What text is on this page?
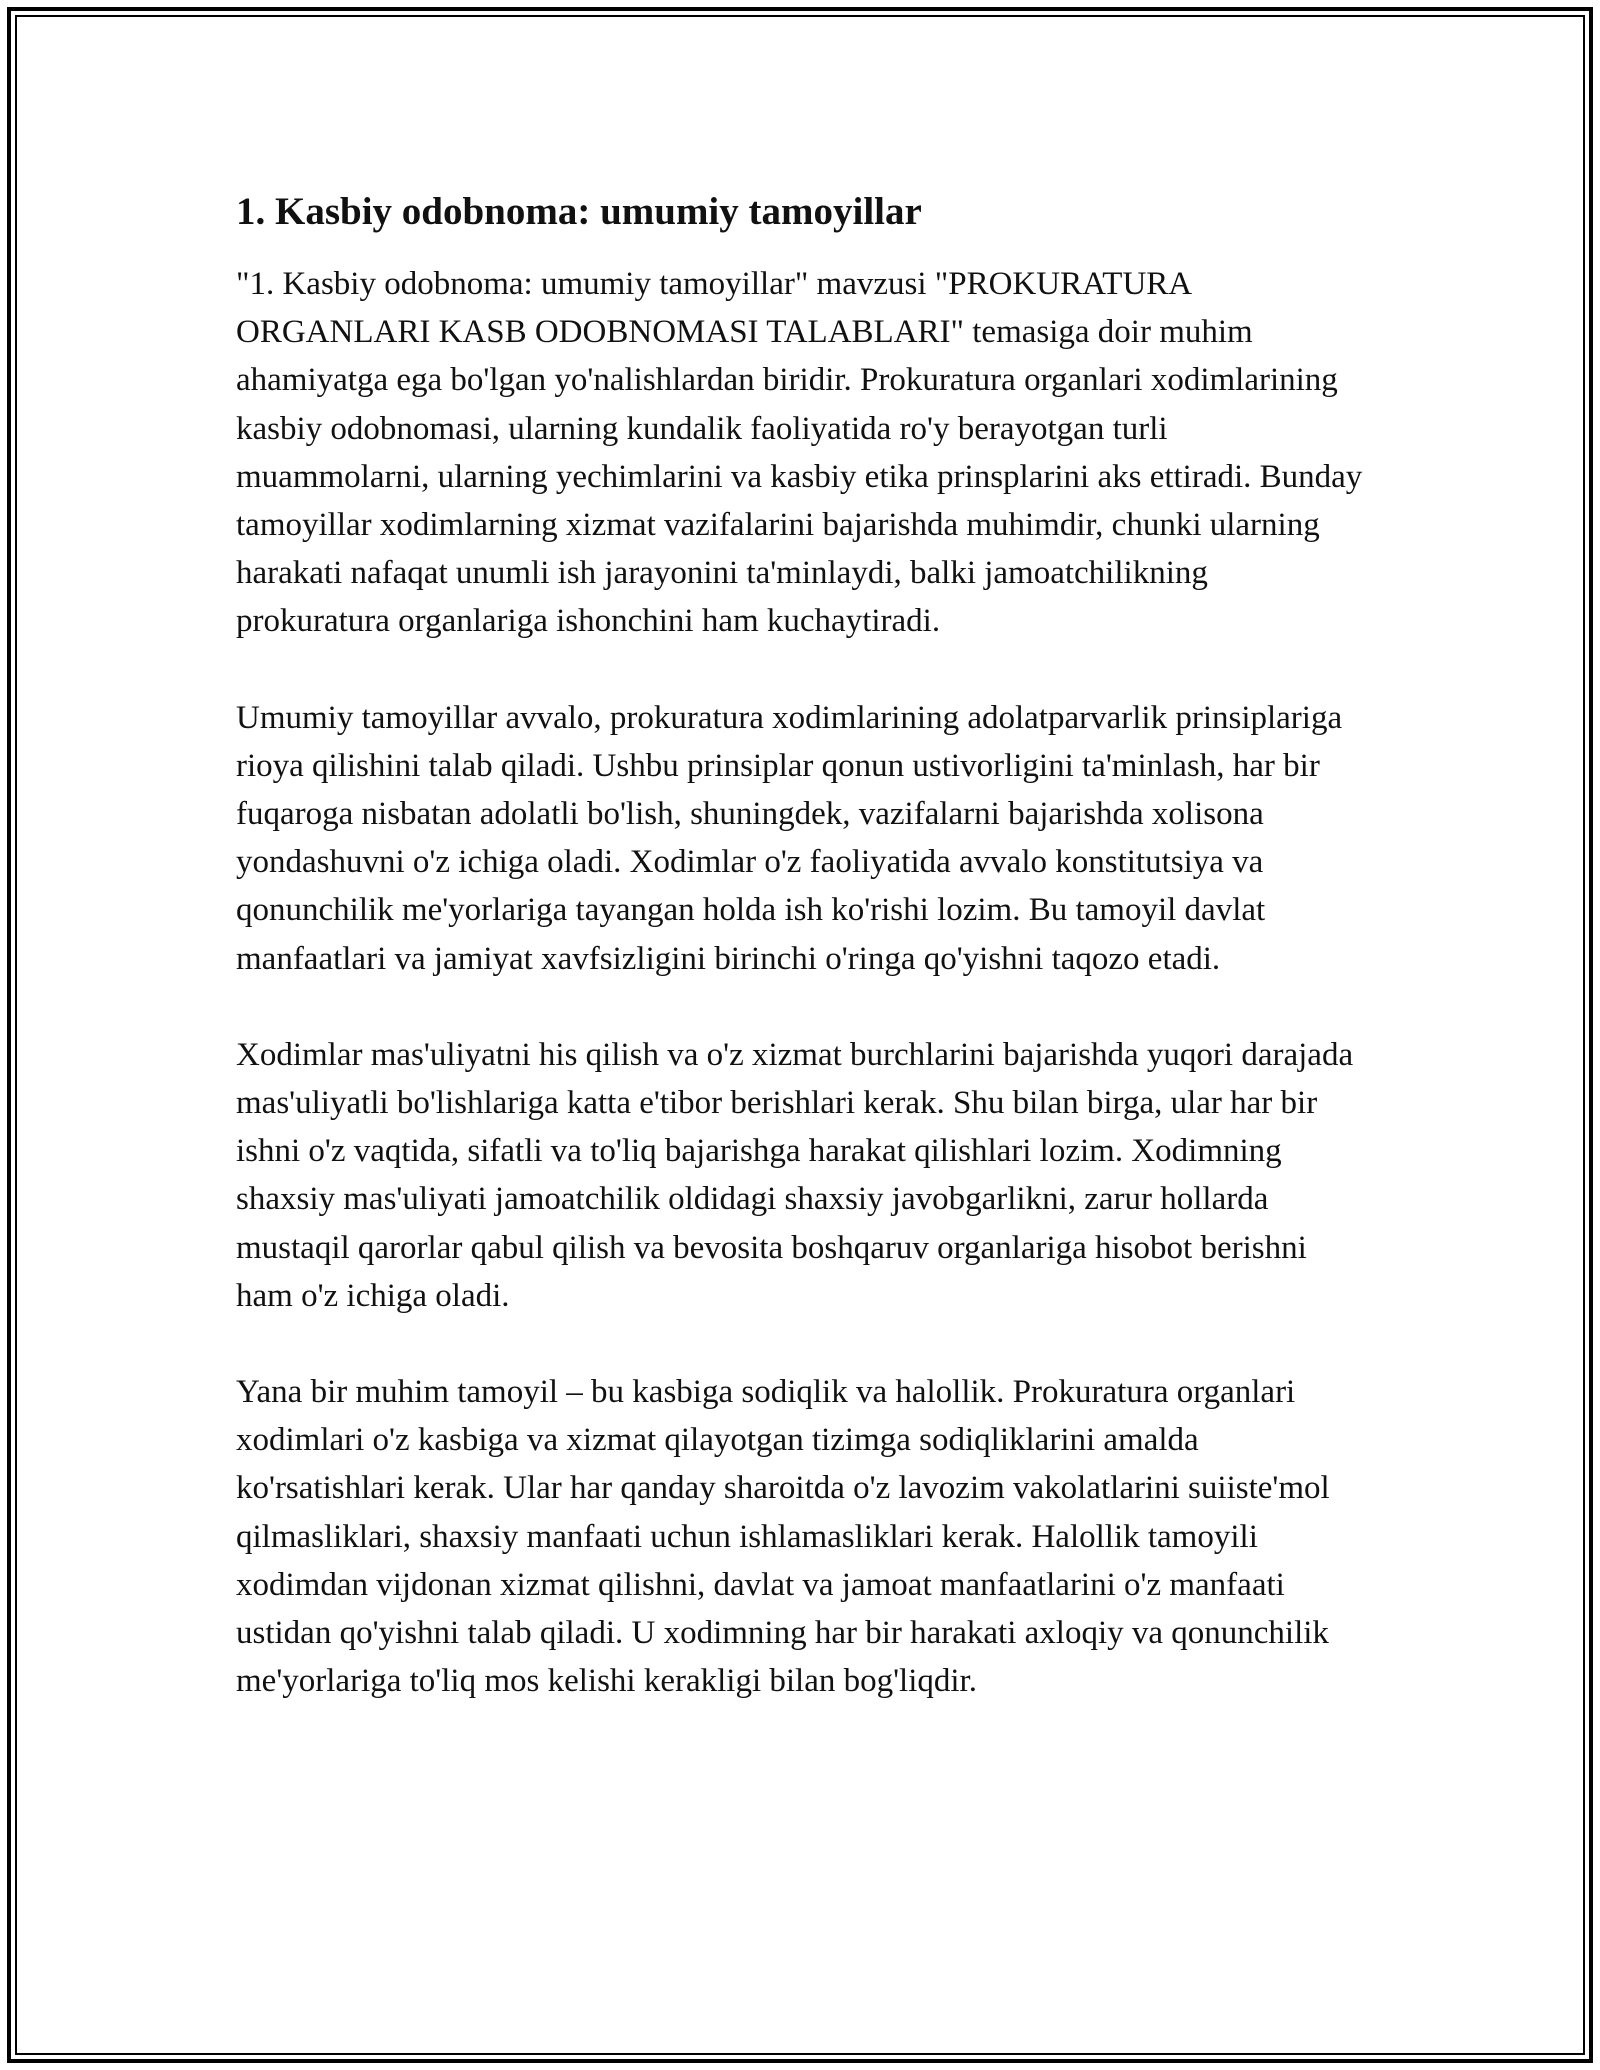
1. Kasbiy odobnoma: umumiy tamoyillar

"1. Kasbiy odobnoma: umumiy tamoyillar" mavzusi "PROKURATURA ORGANLARI KASB ODOBNOMASI TALABLARI" temasiga doir muhim ahamiyatga ega bo'lgan yo'nalishlardan biridir. Prokuratura organlari xodimlarining kasbiy odobnomasi, ularning kundalik faoliyatida ro'y berayotgan turli muammolarni, ularning yechimlarini va kasbiy etika prinsplarini aks ettiradi. Bunday tamoyillar xodimlarning xizmat vazifalarini bajarishda muhimdir, chunki ularning harakati nafaqat unumli ish jarayonini ta'minlaydi, balki jamoatchilikning prokuratura organlariga ishonchini ham kuchaytiradi.

Umumiy tamoyillar avvalo, prokuratura xodimlarining adolatparvarlik prinsiplariga rioya qilishini talab qiladi. Ushbu prinsiplar qonun ustivorligini ta'minlash, har bir fuqaroga nisbatan adolatli bo'lish, shuningdek, vazifalarni bajarishda xolisona yondashuvni o'z ichiga oladi. Xodimlar o'z faoliyatida avvalo konstitutsiya va qonunchilik me'yorlariga tayangan holda ish ko'rishi lozim. Bu tamoyil davlat manfaatlari va jamiyat xavfsizligini birinchi o'ringa qo'yishni taqozo etadi.

Xodimlar mas'uliyatni his qilish va o'z xizmat burchlarini bajarishda yuqori darajada mas'uliyatli bo'lishlariga katta e'tibor berishlari kerak. Shu bilan birga, ular har bir ishni o'z vaqtida, sifatli va to'liq bajarishga harakat qilishlari lozim. Xodimning shaxsiy mas'uliyati jamoatchilik oldidagi shaxsiy javobgarlikni, zarur hollarda mustaqil qarorlar qabul qilish va bevosita boshqaruv organlariga hisobot berishni ham o'z ichiga oladi.

Yana bir muhim tamoyil – bu kasbiga sodiqlik va halollik. Prokuratura organlari xodimlari o'z kasbiga va xizmat qilayotgan tizimga sodiqliklarini amalda ko'rsatishlari kerak. Ular har qanday sharoitda o'z lavozim vakolatlarini suiiste'mol qilmasliklari, shaxsiy manfaati uchun ishlamasliklari kerak. Halollik tamoyili xodimdan vijdonan xizmat qilishni, davlat va jamoat manfaatlarini o'z manfaati ustidan qo'yishni talab qiladi. U xodimning har bir harakati axloqiy va qonunchilik me'yorlariga to'liq mos kelishi kerakligi bilan bog'liqdir.
